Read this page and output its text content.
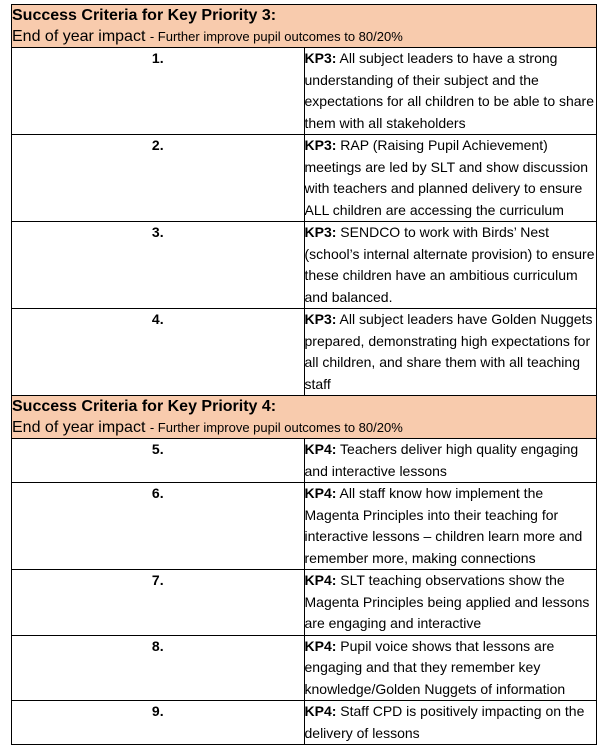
Success Criteria for Key Priority 3:
End of year impact - Further improve pupil outcomes to 80/20%	

1.	KP3: All subject leaders to have a strong understanding of their subject and the expectations for all children to be able to share them with all stakeholders
2.	KP3: RAP (Raising Pupil Achievement) meetings are led by SLT and show discussion with teachers and planned delivery to ensure ALL children are accessing the curriculum
3.	KP3: SENDCO to work with Birds’ Nest (school’s internal alternate provision) to ensure these children have an ambitious curriculum and balanced.
4.	KP3: All subject leaders have Golden Nuggets prepared, demonstrating high expectations for all children, and share them with all teaching staff

Success Criteria for Key Priority 4:
End of year impact - Further improve pupil outcomes to 80/20%	

5.	KP4: Teachers deliver high quality engaging and interactive lessons
6.	KP4: All staff know how implement the Magenta Principles into their teaching for interactive lessons – children learn more and remember more, making connections
7.	KP4: SLT teaching observations show the Magenta Principles being applied and lessons are engaging and interactive
8.	KP4: Pupil voice shows that lessons are engaging and that they remember key knowledge/Golden Nuggets of information
9.	KP4: Staff CPD is positively impacting on the delivery of lessons
